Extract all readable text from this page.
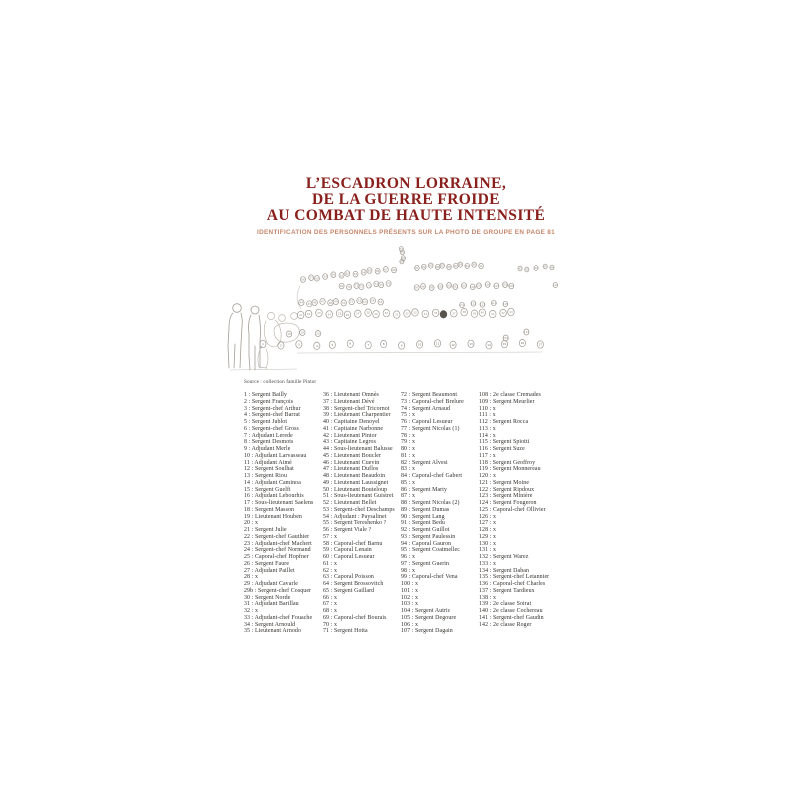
L’ESCADRON LORRAINE,
DE LA GUERRE FROIDE
AU COMBAT DE HAUTE INTENSITÉ
IDENTIFICATION DES PERSONNELS PRÉSENTS SUR LA PHOTO DE GROUPE EN PAGE 81
1	2	3	4	5	6	7	8	9	10	11	12	13	14	15	16	17
18	19	20
21 22	23	24	25 26	27	28 29	30	31	32 33	34	35	37	38	39 40	41	42 43
44 45 46 47 48 49 50 51 52 53 54 55
56 57 58 59 60 61 62 63 64 65 66 67 68
69 70 71 72 73 74 75 76
77
78
79
80
81 82 83 84 85 86 87 88 89 90 91
92 93 94 95 96
97 98 99 100 101 102 103 104 105 106 107 108 109	110
111 112 113 114 115
116
117
Source : collection famille Pintor
1 : Sergent Bailly
2 : Sergent François
3 : Sergent-chef Arthur
4 : Sergent-chef Barrat
5 : Sergent Jublot
6 : Sergent-chef Gross
7 : Adjudant Lerede
8 : Sergent Desmots
9 : Adjudant Merle
10 : Adjudant Larvasseau
11 : Adjudant Aimé
12 : Sergent Soulhat
13 : Sergent Riou
14 : Adjudant Caminoa
15 : Sergent Guelfi
16 : Adjudant Lebourhis
17 : Sous-lieutenant Saelens
18 : Sergent Masson
19 : Lieutenant Houben
20 : x
21 : Sergent Julie
22 : Sergent-chef Gauthier
23 : Adjudant-chef Machert
24 : Sergent-chef Normand
25 : Caporal-chef Hopfner
26 : Sergent Faure
27 : Adjudant Paillet
28 : x
29 : Adjudant Cavarle
29b : Sergent-chef Cosquer
30 : Sergent Norde
31 : Adjudant Barillau
32 : x
33 : Adjudant-chef Fouache
34 : Sergent Arnould
35 : Lieutenant Arnodo
36 : Lieutenant Omnès
37 : Lieutenant Dévé
38 : Sergent-chef Tricornot
39 : Lieutenant Charpentier
40 : Capitaine Denoyel
41 : Capitaine Narbonne
42 : Lieutenant Pintor
43 : Capitaine Legros
44 : Sous-lieutenant Balusse
45 : Lieutenant Boucler
46 : Lieutenant Cuevin
47 : Lieutenant Duflos
48 : Lieutenant Beaudoin
49 : Lieutenant Laussignet
50 : Lieutenant Bouteloup
51 : Sous-lieutenant Guistret
52 : Lieutenant Bellet
53 : Sergent-chef Deschamps
54 : Adjudant : Paysalinet
55 : Sergent Tereshenko ?
56 : Sergent Viale ?
57 : x
58 : Caporal-chef Barnu
59 : Caporal Lenain
60 : Caporal Lesueur
61 : x
62 : x
63 : Caporal Poisson
64 : Sergent Brossovitch
65 : Sergent Gaillard
66 : x
67 : x
68 : x
69 : Caporal-chef Bourais
70 : x
71 : Sergent Hotta
72 : Sergent Beaumont
73 : Caporal-chef Brelure
74 : Sergent Arnaud
75 : x
76 : Caporal Lesueur
77 : Sergent Nicolas (1)
78 : x
79 : x
80 : x
81 : x
82 : Sergent Alvesi
83 : x
84 : Caporal-chef Gabert
85 : x
86 : Sergent Marty
87 : x
88 : Sergent Nicolas (2)
89 : Sergent Dumas
90 : Sergent Lang
91 : Sergent Bedu
92 : Sergent Guillot
93 : Sergent Paulessin
94 : Caporal Gauron
95 : Sergent Coatmellec
96 : x
97 : Sergent Guerin
98 : x
99 : Caporal-chef Vena
100 : x
101 : x
102 : x
103 : x
104 : Sergent Autric
105 : Sergent Degoure
106 : x
107 : Sergent Dagain
108 : 2e classe Cremades
109 : Sergent Meurlier
110 : x
111 : x
112 : Sergent Rocca
113 : x
114 : x
115 : Sergent Spiotti
116 : Sergent Suze
117 : x
118 : Sergent Geoffroy
119 : Sergent Monnereau
120 : x
121 : Sergent Moine
122 : Sergent Ripdoux
123 : Sergent Minière
124 : Sergent Fougeron
125 : Caporal-chef Ollivier
126 : x
127 : x
128 : x
129 : x
130 : x
131 : x
132 : Sergent Warez
133 : x
134 : Sergent Daban
135 : Sergent-chef Letannier
136 : Caporal-chef Charles
137 : Sergent Tardieux
138 : x
139 : 2e classe Soirat
140 : 2e classe Cochereau
141 : Sergent-chef Gaudin
142 : 2e classe Roger
